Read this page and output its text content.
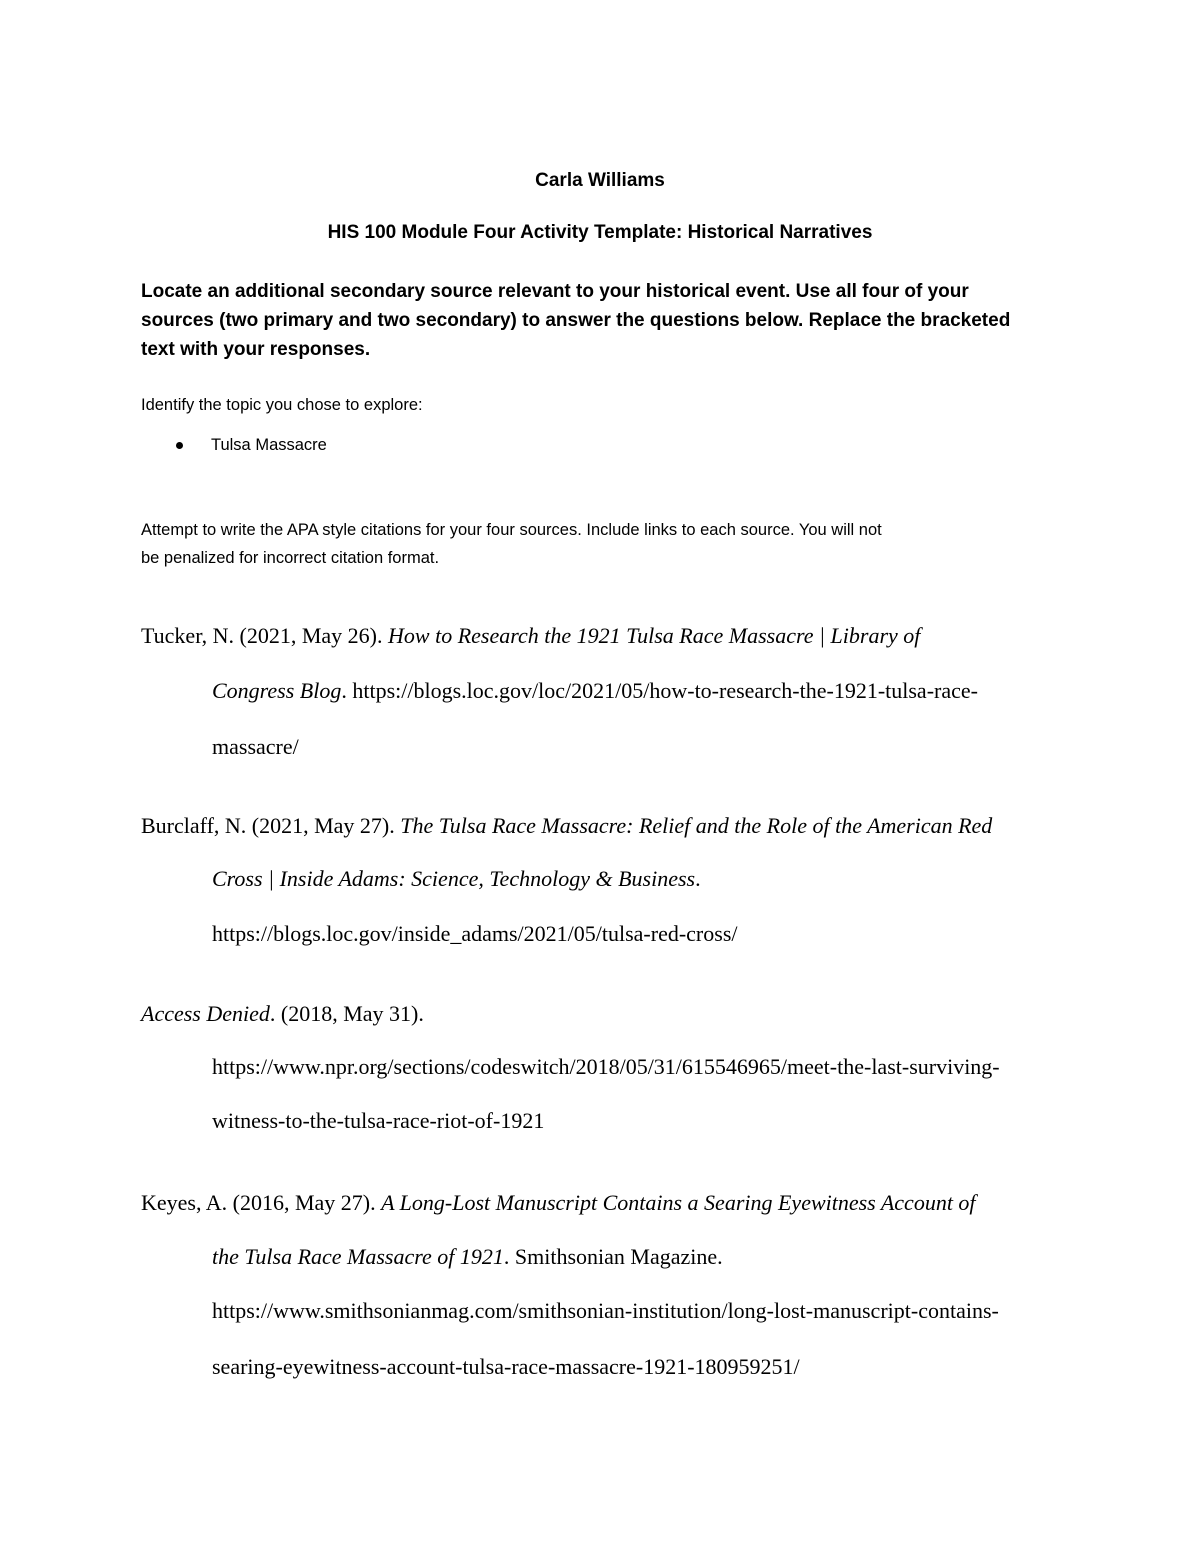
Carla Williams
HIS 100 Module Four Activity Template: Historical Narratives
Locate an additional secondary source relevant to your historical event. Use all four of your
sources (two primary and two secondary) to answer the questions below. Replace the bracketed
text with your responses.
Identify the topic you chose to explore:
Tulsa Massacre
Attempt to write the APA style citations for your four sources. Include links to each source. You will not
be penalized for incorrect citation format.
Tucker, N. (2021, May 26). How to Research the 1921 Tulsa Race Massacre | Library of
Congress Blog. https://blogs.loc.gov/loc/2021/05/how-to-research-the-1921-tulsa-race-
massacre/
Burclaff, N. (2021, May 27). The Tulsa Race Massacre: Relief and the Role of the American Red
Cross | Inside Adams: Science, Technology & Business.
https://blogs.loc.gov/inside_adams/2021/05/tulsa-red-cross/
Access Denied. (2018, May 31).
https://www.npr.org/sections/codeswitch/2018/05/31/615546965/meet-the-last-surviving-
witness-to-the-tulsa-race-riot-of-1921
Keyes, A. (2016, May 27). A Long-Lost Manuscript Contains a Searing Eyewitness Account of
the Tulsa Race Massacre of 1921. Smithsonian Magazine.
https://www.smithsonianmag.com/smithsonian-institution/long-lost-manuscript-contains-
searing-eyewitness-account-tulsa-race-massacre-1921-180959251/
